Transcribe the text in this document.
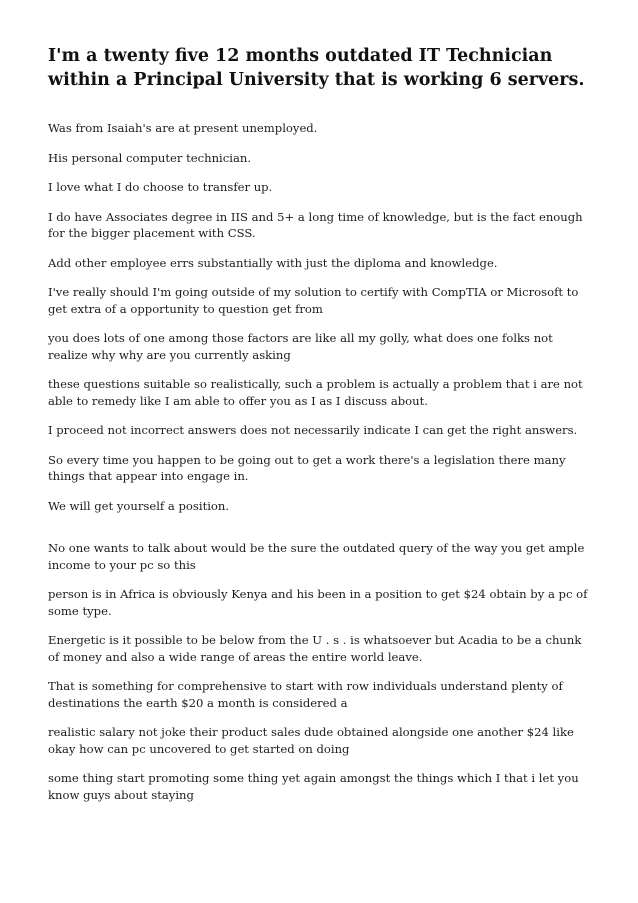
I'm a twenty five 12 months outdated IT Technician within a Principal University that is working 6 servers.

Was from Isaiah's are at present unemployed.

His personal computer technician.

I love what I do choose to transfer up.

I do have Associates degree in IIS and 5+ a long time of knowledge, but is the fact enough for the bigger placement with CSS.

Add other employee errs substantially with just the diploma and knowledge.

I've really should I'm going outside of my solution to certify with CompTIA or Microsoft to get extra of a opportunity to question get from

you does lots of one among those factors are like all my golly, what does one folks not realize why why are you currently asking

these questions suitable so realistically, such a problem is actually a problem that i are not able to remedy like I am able to offer you as I as I discuss about.

I proceed not incorrect answers does not necessarily indicate I can get the right answers.

So every time you happen to be going out to get a work there's a legislation there many things that appear into engage in.

We will get yourself a position.

No one wants to talk about would be the sure the outdated query of the way you get ample income to your pc so this

person is in Africa is obviously Kenya and his been in a position to get $24 obtain by a pc of some type.

Energetic is it possible to be below from the U . s . is whatsoever but Acadia to be a chunk of money and also a wide range of areas the entire world leave.

That is something for comprehensive to start with row individuals understand plenty of destinations the earth $20 a month is considered a

realistic salary not joke their product sales dude obtained alongside one another $24 like okay how can pc uncovered to get started on doing

some thing start promoting some thing yet again amongst the things which I that i let you know guys about staying
